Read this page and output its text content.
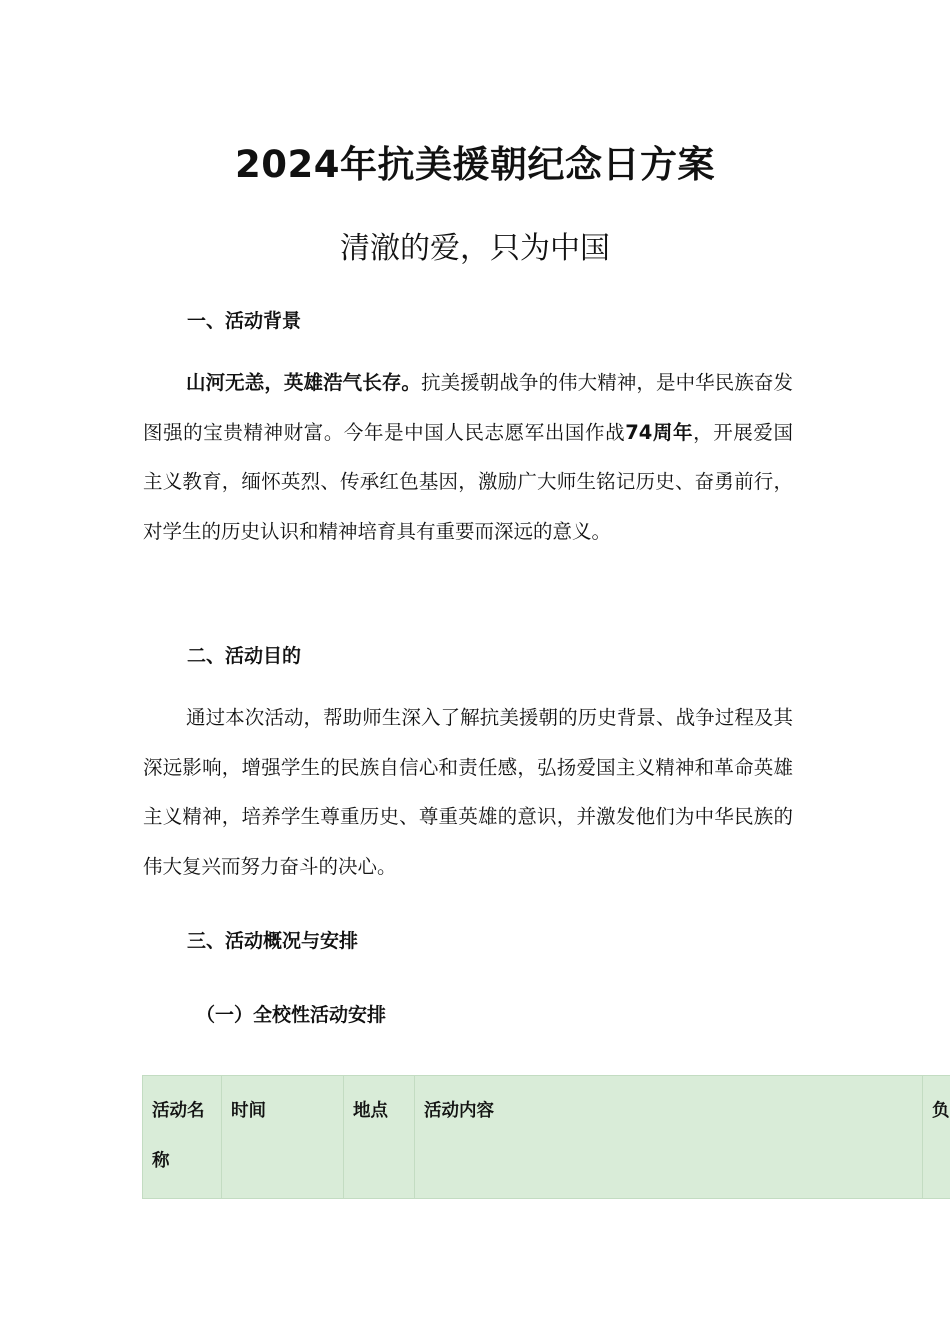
2024年抗美援朝纪念日方案
清澈的爱，只为中国
一、活动背景
山河无恙，英雄浩气长存。抗美援朝战争的伟大精神，是中华民族奋发图强的宝贵精神财富。今年是中国人民志愿军出国作战74周年，开展爱国主义教育，缅怀英烈、传承红色基因，激励广大师生铭记历史、奋勇前行，对学生的历史认识和精神培育具有重要而深远的意义。
二、活动目的
通过本次活动，帮助师生深入了解抗美援朝的历史背景、战争过程及其深远影响，增强学生的民族自信心和责任感，弘扬爱国主义精神和革命英雄主义精神，培养学生尊重历史、尊重英雄的意识，并激发他们为中华民族的伟大复兴而努力奋斗的决心。
三、活动概况与安排
（一）全校性活动安排
活动名称	时间	地点	活动内容	负
